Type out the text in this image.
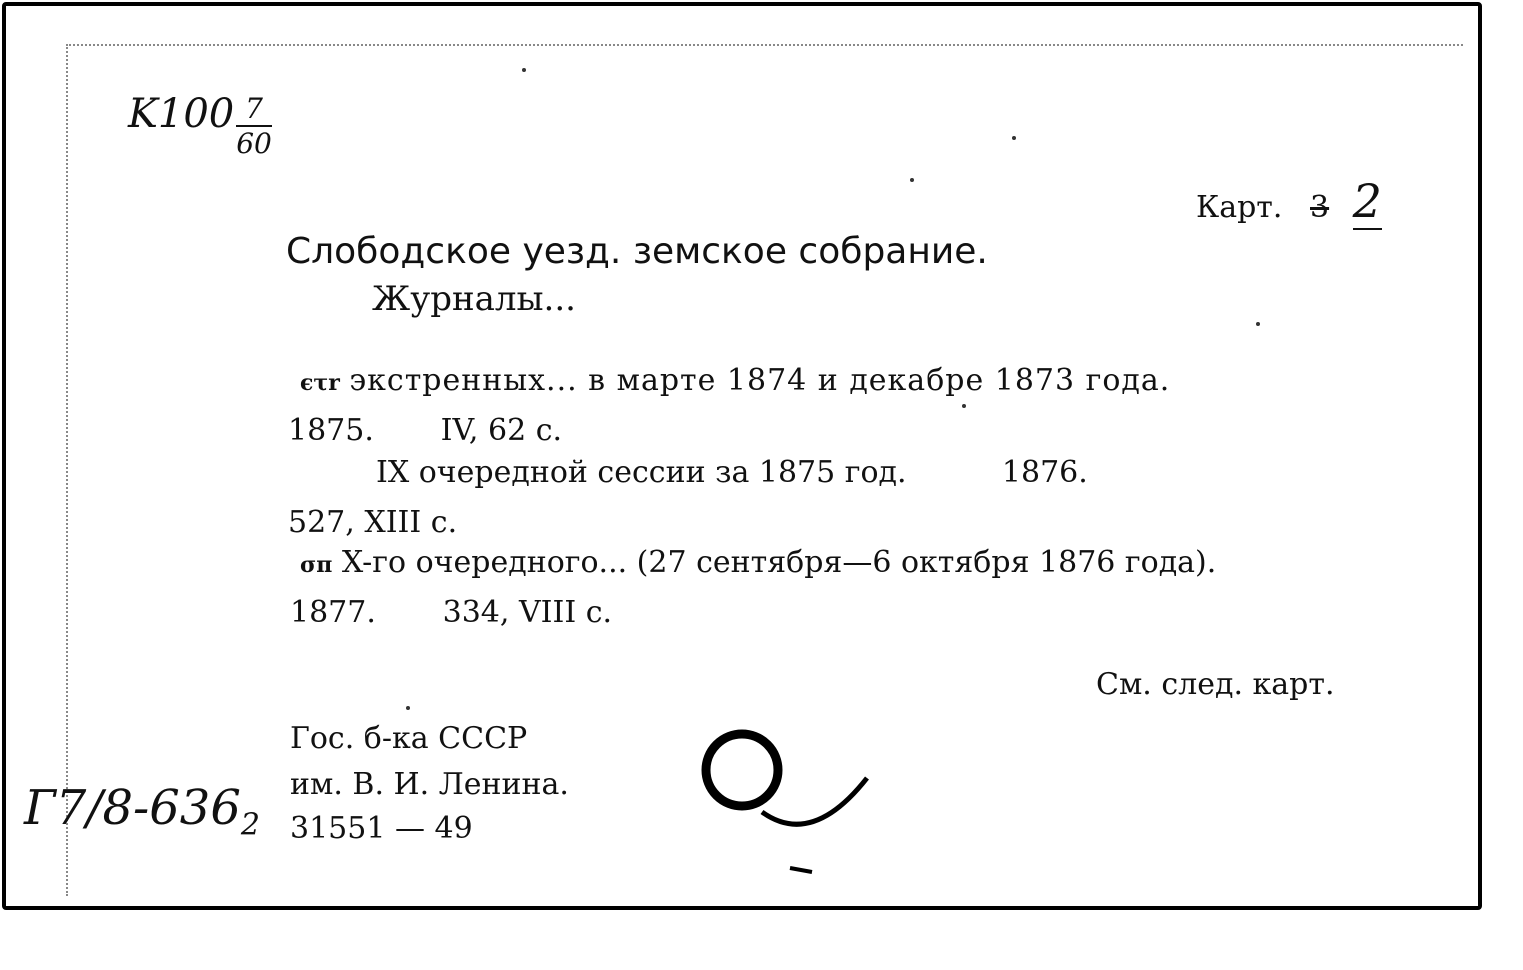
$K100 \frac{7}{60}$
Карт. 3 2

Слободское уезд. земское собрание.

Журналы...

ϵτr экстренных... в марте 1874 и декабре 1873 года.

1875.       IV, 62 с.

IX очередной сессии за 1875 год.          1876.

527, XIII с.

σπ X-го очередного... (27 сентября—6 октября 1876 года).

1877.       334, VIII с.

См. след. карт.

Гос. б-ка СССР

им. В. И. Ленина.

31551 — 49

$Г7/8-636_2$
